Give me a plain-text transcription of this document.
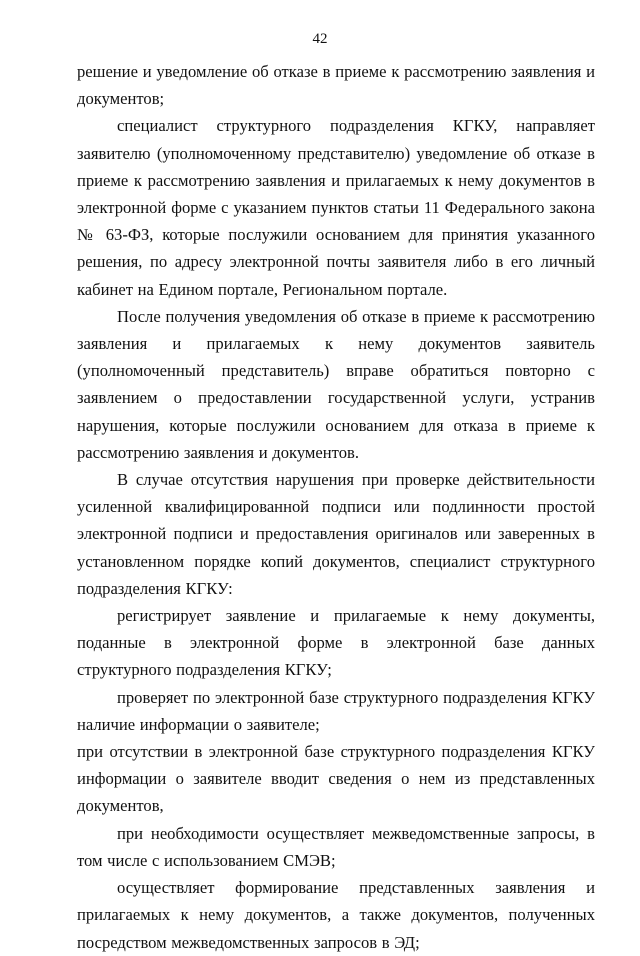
42

решение и уведомление об отказе в приеме к рассмотрению заявления и документов;

специалист структурного подразделения КГКУ, направляет заявителю (уполномоченному представителю) уведомление об отказе в приеме к рассмотрению заявления и прилагаемых к нему документов в электронной форме с указанием пунктов статьи 11 Федерального закона № 63-ФЗ, которые послужили основанием для принятия указанного решения, по адресу электронной почты заявителя либо в его личный кабинет на Едином портале, Региональном портале.

После получения уведомления об отказе в приеме к рассмотрению заявления и прилагаемых к нему документов заявитель (уполномоченный представитель) вправе обратиться повторно с заявлением о предоставлении государственной услуги, устранив нарушения, которые послужили основанием для отказа в приеме к рассмотрению заявления и документов.

В случае отсутствия нарушения при проверке действительности усиленной квалифицированной подписи или подлинности простой электронной подписи и предоставления оригиналов или заверенных в установленном порядке копий документов, специалист структурного подразделения КГКУ:

регистрирует заявление и прилагаемые к нему документы, поданные в электронной форме в электронной базе данных структурного подразделения КГКУ;

проверяет по электронной базе структурного подразделения КГКУ наличие информации о заявителе;

при отсутствии в электронной базе структурного подразделения КГКУ информации о заявителе вводит сведения о нем из представленных документов,

при необходимости осуществляет межведомственные запросы, в том числе с использованием СМЭВ;

осуществляет формирование представленных заявления и прилагаемых к нему документов, а также документов, полученных посредством межведомственных запросов в ЭД;
